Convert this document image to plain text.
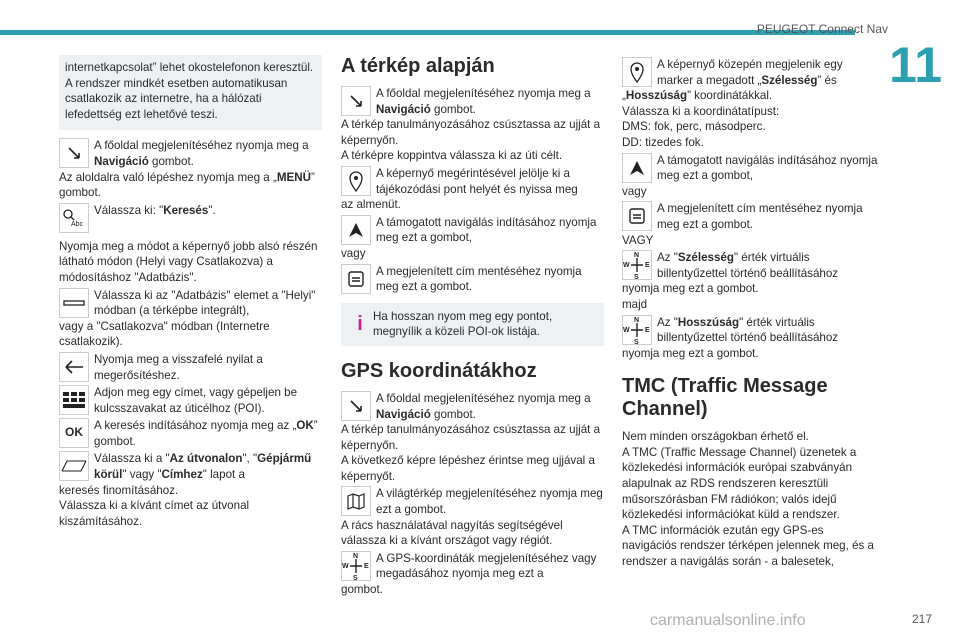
PEUGEOT Connect Nav
11
internetkapcsolat” lehet okostelefonon keresztül.
A rendszer mindkét esetben automatikusan csatlakozik az internetre, ha a hálózati lefedettség ezt lehetővé teszi.
A főoldal megjelenítéséhez nyomja meg a
Navigáció gombot.

Az aloldalra való lépéshez nyomja meg a „MENÜ” gombot.

Abc
Válassza ki: "Keresés".

Nyomja meg a módot a képernyő jobb alsó részén látható módon (Helyi vagy Csatlakozva) a módosításhoz "Adatbázis".

Válassza ki az "Adatbázis" elemet a "Helyi" módban (a térképbe integrált),

vagy a "Csatlakozva" módban (Internetre csatlakozik).

Nyomja meg a visszafelé nyilat a megerősítéshez.
Adjon meg egy címet, vagy gépeljen be kulcsszavakat az úticélhoz (POI).
OK A keresés indításához nyomja meg az „OK” gombot.
Válassza ki a "Az útvonalon", "Gépjármű körül" vagy "Címhez" lapot a

keresés finomításához.
Válassza ki a kívánt címet az útvonal kiszámításához.

A térkép alapján
A főoldal megjelenítéséhez nyomja meg a
Navigáció gombot.

A térkép tanulmányozásához csúsztassa az ujját a képernyőn.
A térképre koppintva válassza ki az úti célt.

A képernyő megérintésével jelölje ki a tájékozódási pont helyét és nyissa meg

az almenüt.

A támogatott navigálás indításához nyomja meg ezt a gombot,

vagy

A megjelenített cím mentéséhez nyomja meg ezt a gombot.
i Ha hosszan nyom meg egy pontot, megnyílik a közeli POI-ok listája.
GPS koordinátákhoz
A főoldal megjelenítéséhez nyomja meg a
Navigáció gombot.

A térkép tanulmányozásához csúsztassa az ujját a képernyőn.
A következő képre lépéshez érintse meg ujjával a képernyőt.

A világtérkép megjelenítéséhez nyomja meg ezt a gombot.

A rács használatával nagyítás segítségével válassza ki a kívánt országot vagy régiót.

N
S
W E
A GPS-koordináták megjelenítéséhez vagy megadásához nyomja meg ezt a

gombot.

A képernyő közepén megjelenik egy marker a megadott „Szélesség” és

„Hosszúság” koordinátákkal.
Válassza ki a koordinátatípust:
DMS: fok, perc, másodperc.
DD: tizedes fok.

A támogatott navigálás indításához nyomja meg ezt a gombot,

vagy

A megjelenített cím mentéséhez nyomja meg ezt a gombot.

VAGY

N
S
W E
Az "Szélesség" érték virtuális billentyűzettel történő beállításához

nyomja meg ezt a gombot.
majd

N
S
W E
Az "Hosszúság" érték virtuális billentyűzettel történő beállításához

nyomja meg ezt a gombot.

TMC (Traffic Message Channel)

Nem minden országokban érhető el.
A TMC (Traffic Message Channel) üzenetek a közlekedési információk európai szabványán alapulnak az RDS rendszeren keresztüli műsorszórásban FM rádiókon; valós idejű közlekedési információkat küld a rendszer.
A TMC információk ezután egy GPS-es navigációs rendszer térképen jelennek meg, és a rendszer a navigálás során - a balesetek,

carmanualsonline.info	217
